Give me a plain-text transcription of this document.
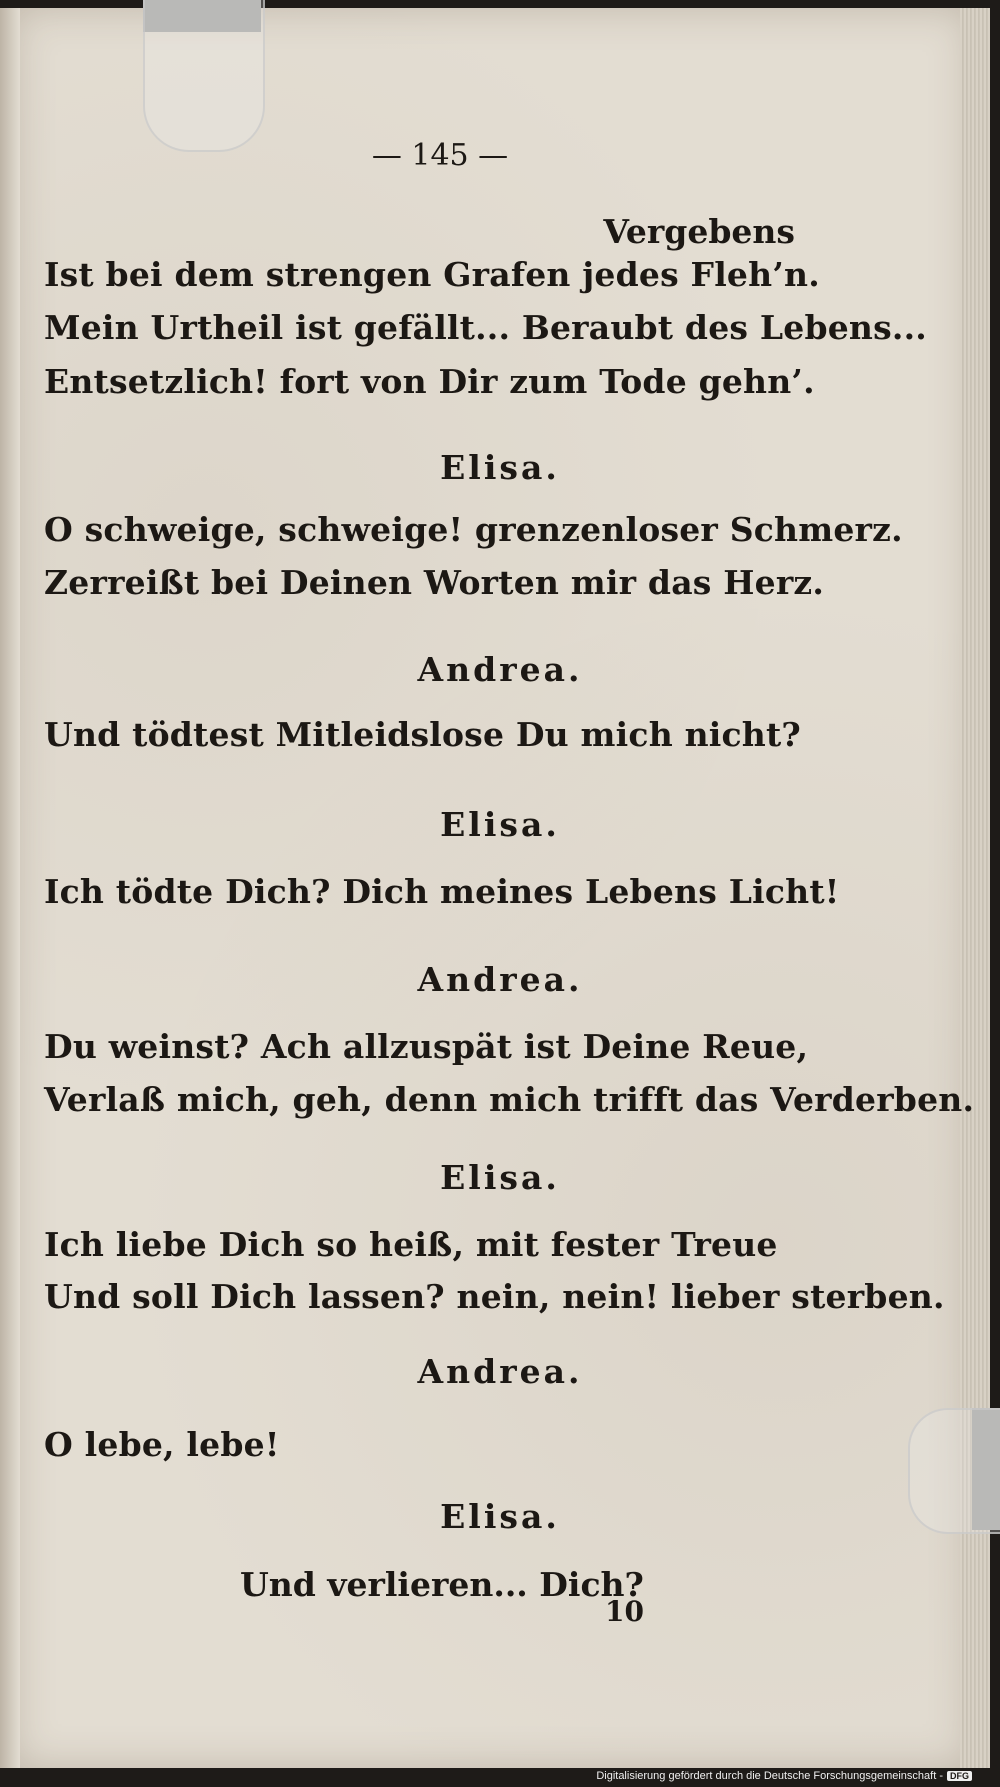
— 145 —
Vergebens
Ist bei dem strengen Grafen jedes Fleh’n.
Mein Urtheil ist gefällt... Beraubt des Lebens...
Entsetzlich! fort von Dir zum Tode gehn’.
Elisa.
O schweige, schweige! grenzenloser Schmerz.
Zerreißt bei Deinen Worten mir das Herz.
Andrea.
Und tödtest Mitleidslose Du mich nicht?
Elisa.
Ich tödte Dich? Dich meines Lebens Licht!
Andrea.
Du weinst? Ach allzuspät ist Deine Reue,
Verlaß mich, geh, denn mich trifft das Verderben.
Elisa.
Ich liebe Dich so heiß, mit fester Treue
Und soll Dich lassen? nein, nein! lieber sterben.
Andrea.
O lebe, lebe!
Elisa.
Und verlieren... Dich?
10
Digitalisierung gefördert durch die Deutsche Forschungsgemeinschaft - DFG
